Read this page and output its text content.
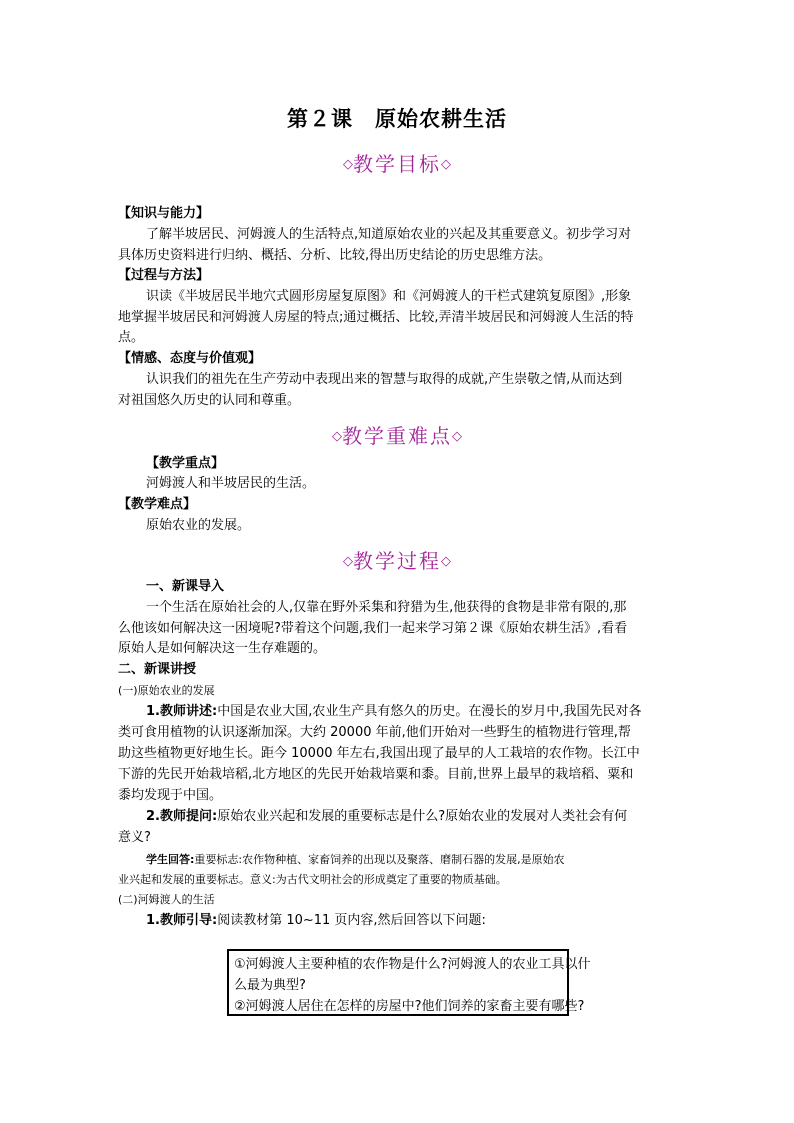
第２课　原始农耕生活
◇教学目标◇
【知识与能力】
了解半坡居民、河姆渡人的生活特点,知道原始农业的兴起及其重要意义。初步学习对
具体历史资料进行归纳、概括、分析、比较,得出历史结论的历史思维方法。
【过程与方法】
识读《半坡居民半地穴式圆形房屋复原图》和《河姆渡人的干栏式建筑复原图》,形象
地掌握半坡居民和河姆渡人房屋的特点;通过概括、比较,弄清半坡居民和河姆渡人生活的特
点。
【情感、态度与价值观】
认识我们的祖先在生产劳动中表现出来的智慧与取得的成就,产生崇敬之情,从而达到
对祖国悠久历史的认同和尊重。
◇教学重难点◇
【教学重点】
河姆渡人和半坡居民的生活。
【教学难点】
原始农业的发展。
◇教学过程◇
一、新课导入
一个生活在原始社会的人,仅靠在野外采集和狩猎为生,他获得的食物是非常有限的,那
么他该如何解决这一困境呢?带着这个问题,我们一起来学习第２课《原始农耕生活》,看看
原始人是如何解决这一生存难题的。
二、新课讲授
(一)原始农业的发展
1.教师讲述:中国是农业大国,农业生产具有悠久的历史。在漫长的岁月中,我国先民对各
类可食用植物的认识逐渐加深。大约 20000 年前,他们开始对一些野生的植物进行管理,帮
助这些植物更好地生长。距今 10000 年左右,我国出现了最早的人工栽培的农作物。长江中
下游的先民开始栽培稻,北方地区的先民开始栽培粟和黍。目前,世界上最早的栽培稻、粟和
黍均发现于中国。
2.教师提问:原始农业兴起和发展的重要标志是什么?原始农业的发展对人类社会有何
意义?
学生回答:重要标志:农作物种植、家畜饲养的出现以及聚落、磨制石器的发展,是原始农
业兴起和发展的重要标志。意义:为古代文明社会的形成奠定了重要的物质基础。
(二)河姆渡人的生活
1.教师引导:阅读教材第 10~11 页内容,然后回答以下问题:
①河姆渡人主要种植的农作物是什么?河姆渡人的农业工具以什
么最为典型?
②河姆渡人居住在怎样的房屋中?他们饲养的家畜主要有哪些?
